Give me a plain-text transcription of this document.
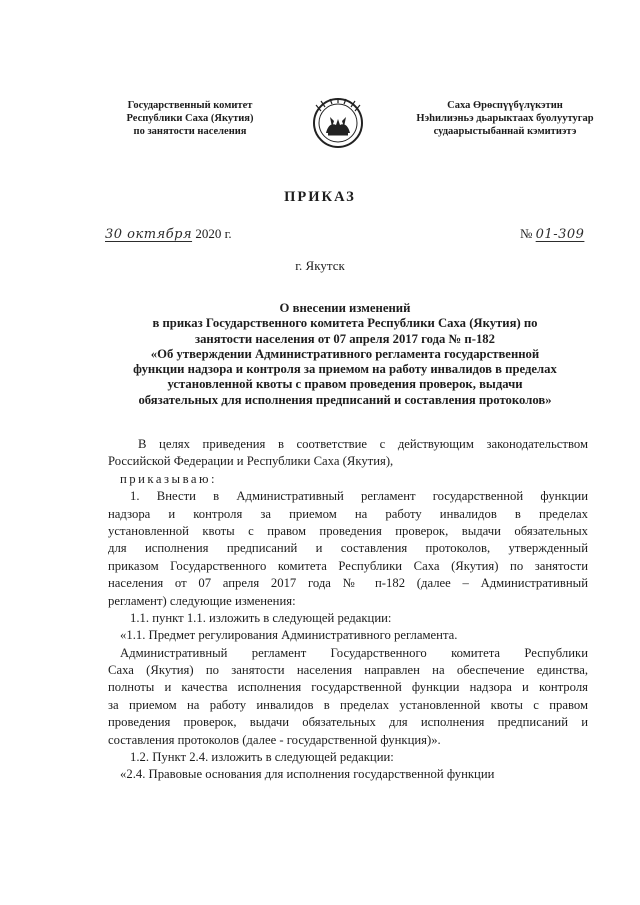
Государственный комитет
Республики Саха (Якутия)
по занятости населения
Саха Өрөспүүбүлүкэтин
Нэһилиэньэ дьарыктаах буолуутугар
судаарыстыбаннай кэмитиэтэ
ПРИКАЗ
30 октября 2020 г.	№ 01-309
г. Якутск
О внесении изменений
в приказ Государственного комитета Республики Саха (Якутия) по
занятости населения от 07 апреля 2017 года № п-182
«Об утверждении Административного регламента государственной
функции надзора и контроля за приемом на работу инвалидов в пределах
установленной квоты с правом проведения проверок, выдачи
обязательных для исполнения предписаний и составления протоколов»
В целях приведения в соответствие с действующим законодательством
Российской Федерации и Республики Саха (Якутия),
приказываю:
1. Внести в Административный регламент государственной функции
надзора и контроля за приемом на работу инвалидов в пределах
установленной квоты с правом проведения проверок, выдачи обязательных
для исполнения предписаний и составления протоколов, утвержденный
приказом Государственного комитета Республики Саха (Якутия) по занятости
населения от 07 апреля 2017 года № п-182 (далее – Административный
регламент) следующие изменения:
1.1. пункт 1.1. изложить в следующей редакции:
«1.1. Предмет регулирования Административного регламента.
Административный регламент Государственного комитета Республики
Саха (Якутия) по занятости населения направлен на обеспечение единства,
полноты и качества исполнения государственной функции надзора и контроля
за приемом на работу инвалидов в пределах установленной квоты с правом
проведения проверок, выдачи обязательных для исполнения предписаний и
составления протоколов (далее - государственной функция)».
1.2. Пункт 2.4. изложить в следующей редакции:
«2.4. Правовые основания для исполнения государственной функции
